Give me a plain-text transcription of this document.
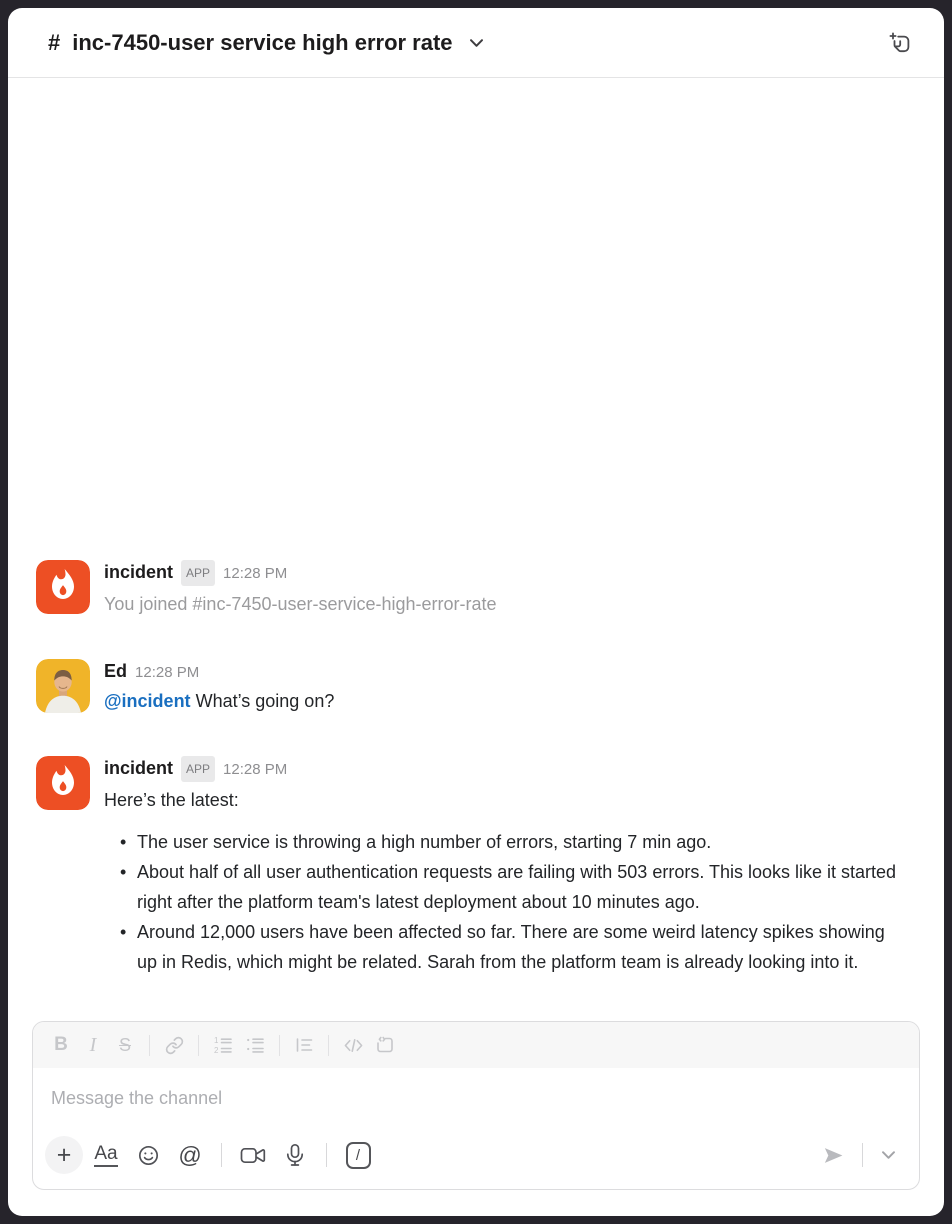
# inc-7450-user service high error rate
incident	APP 12:28 PM
You joined #inc-7450-user-service-high-error-rate
Ed 12:28 PM
@incident What’s going on?
incident	APP 12:28 PM
Here’s the latest:
• The user service is throwing a high number of errors, starting 7 min ago.
• About half of all user authentication requests are failing with 503 errors. This looks like it started right after the platform team's latest deployment about 10 minutes ago.
• Around 12,000 users have been affected so far. There are some weird latency spikes showing up in Redis, which might be related. Sarah from the platform team is already looking into it.
B I S	1
2
Message the channel
+ Aa	@	/
